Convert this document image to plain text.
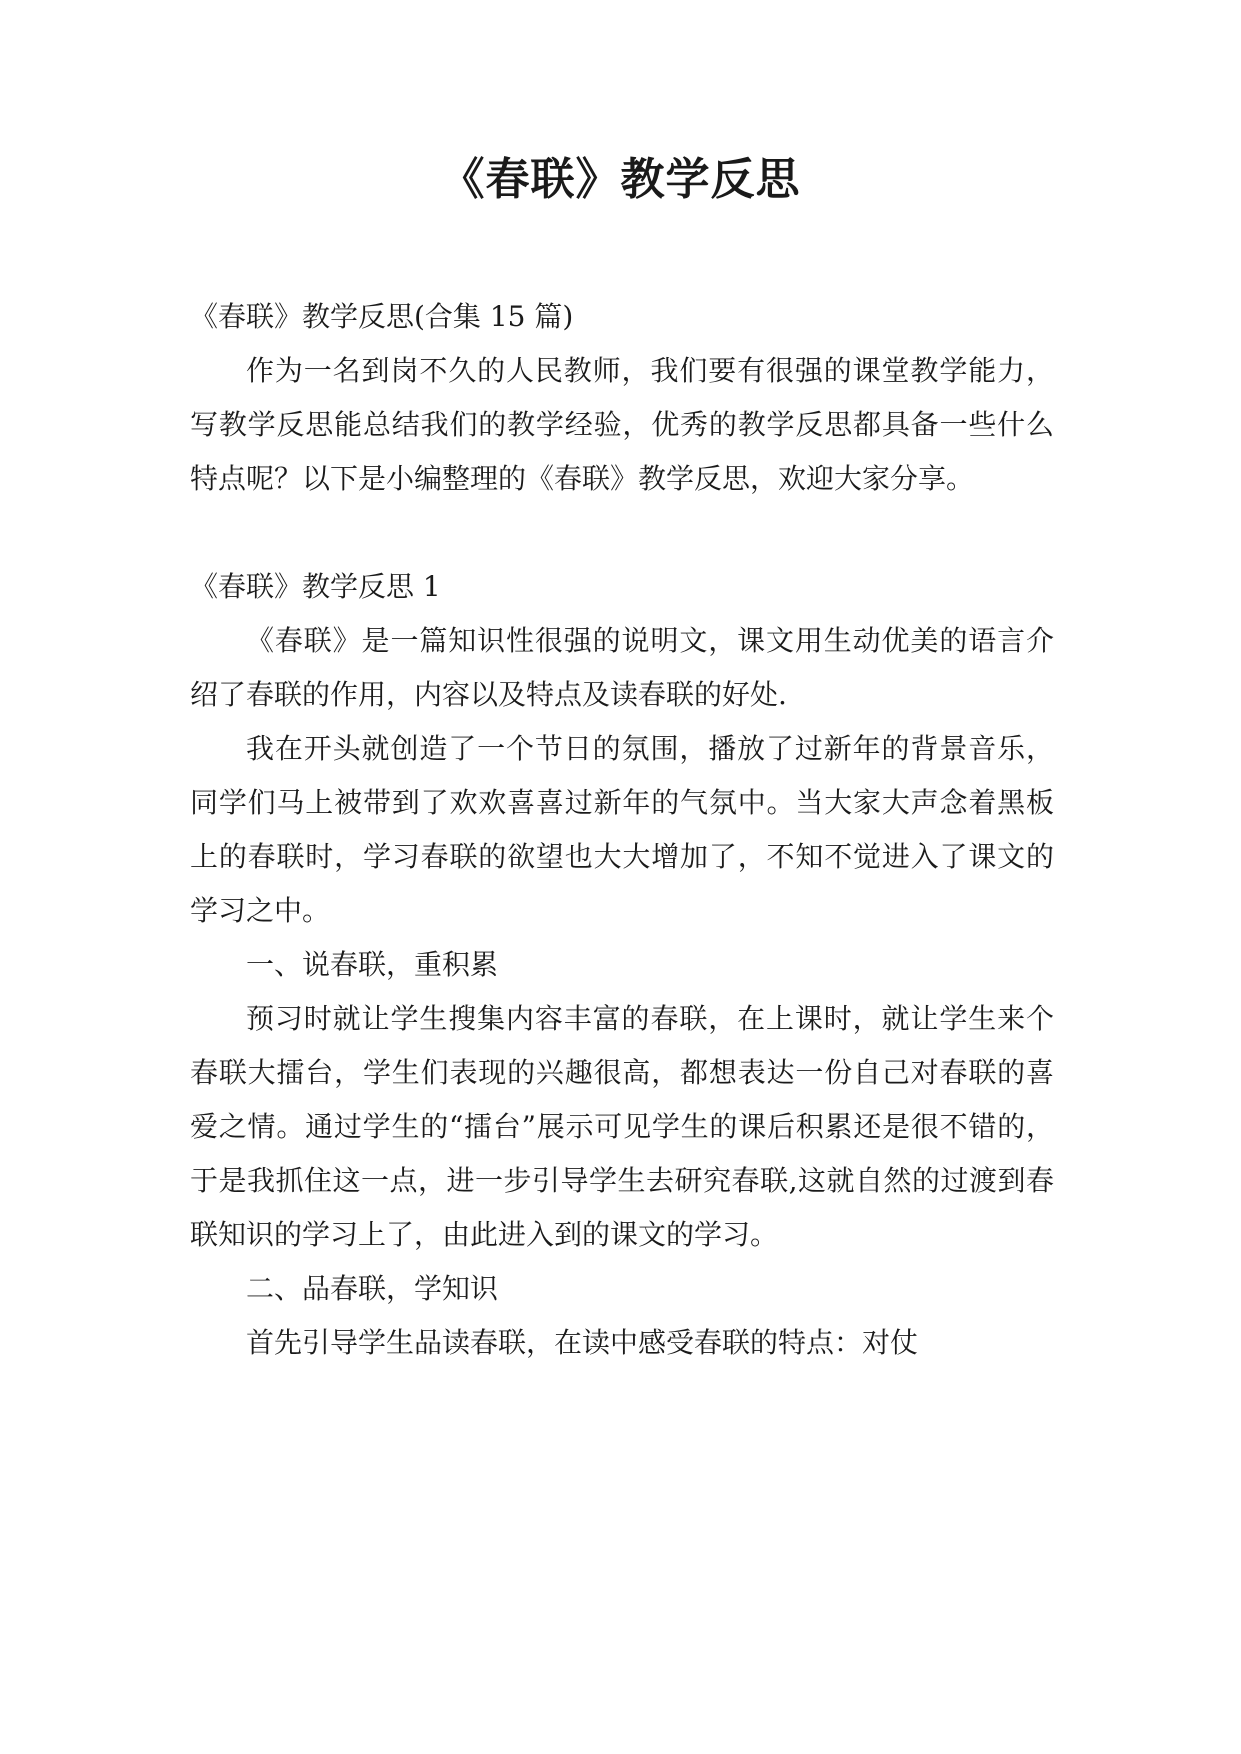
《春联》教学反思

《春联》教学反思(合集 15 篇)

作为一名到岗不久的人民教师，我们要有很强的课堂教学能力，写教学反思能总结我们的教学经验，优秀的教学反思都具备一些什么特点呢？以下是小编整理的《春联》教学反思，欢迎大家分享。

《春联》教学反思 1

《春联》是一篇知识性很强的说明文，课文用生动优美的语言介绍了春联的作用，内容以及特点及读春联的好处.

我在开头就创造了一个节日的氛围，播放了过新年的背景音乐，同学们马上被带到了欢欢喜喜过新年的气氛中。当大家大声念着黑板上的春联时，学习春联的欲望也大大增加了，不知不觉进入了课文的学习之中。

一、说春联，重积累

预习时就让学生搜集内容丰富的春联，在上课时，就让学生来个春联大擂台，学生们表现的兴趣很高，都想表达一份自己对春联的喜爱之情。通过学生的“擂台”展示可见学生的课后积累还是很不错的，于是我抓住这一点，进一步引导学生去研究春联,这就自然的过渡到春联知识的学习上了，由此进入到的课文的学习。

二、品春联，学知识

首先引导学生品读春联，在读中感受春联的特点：对仗
